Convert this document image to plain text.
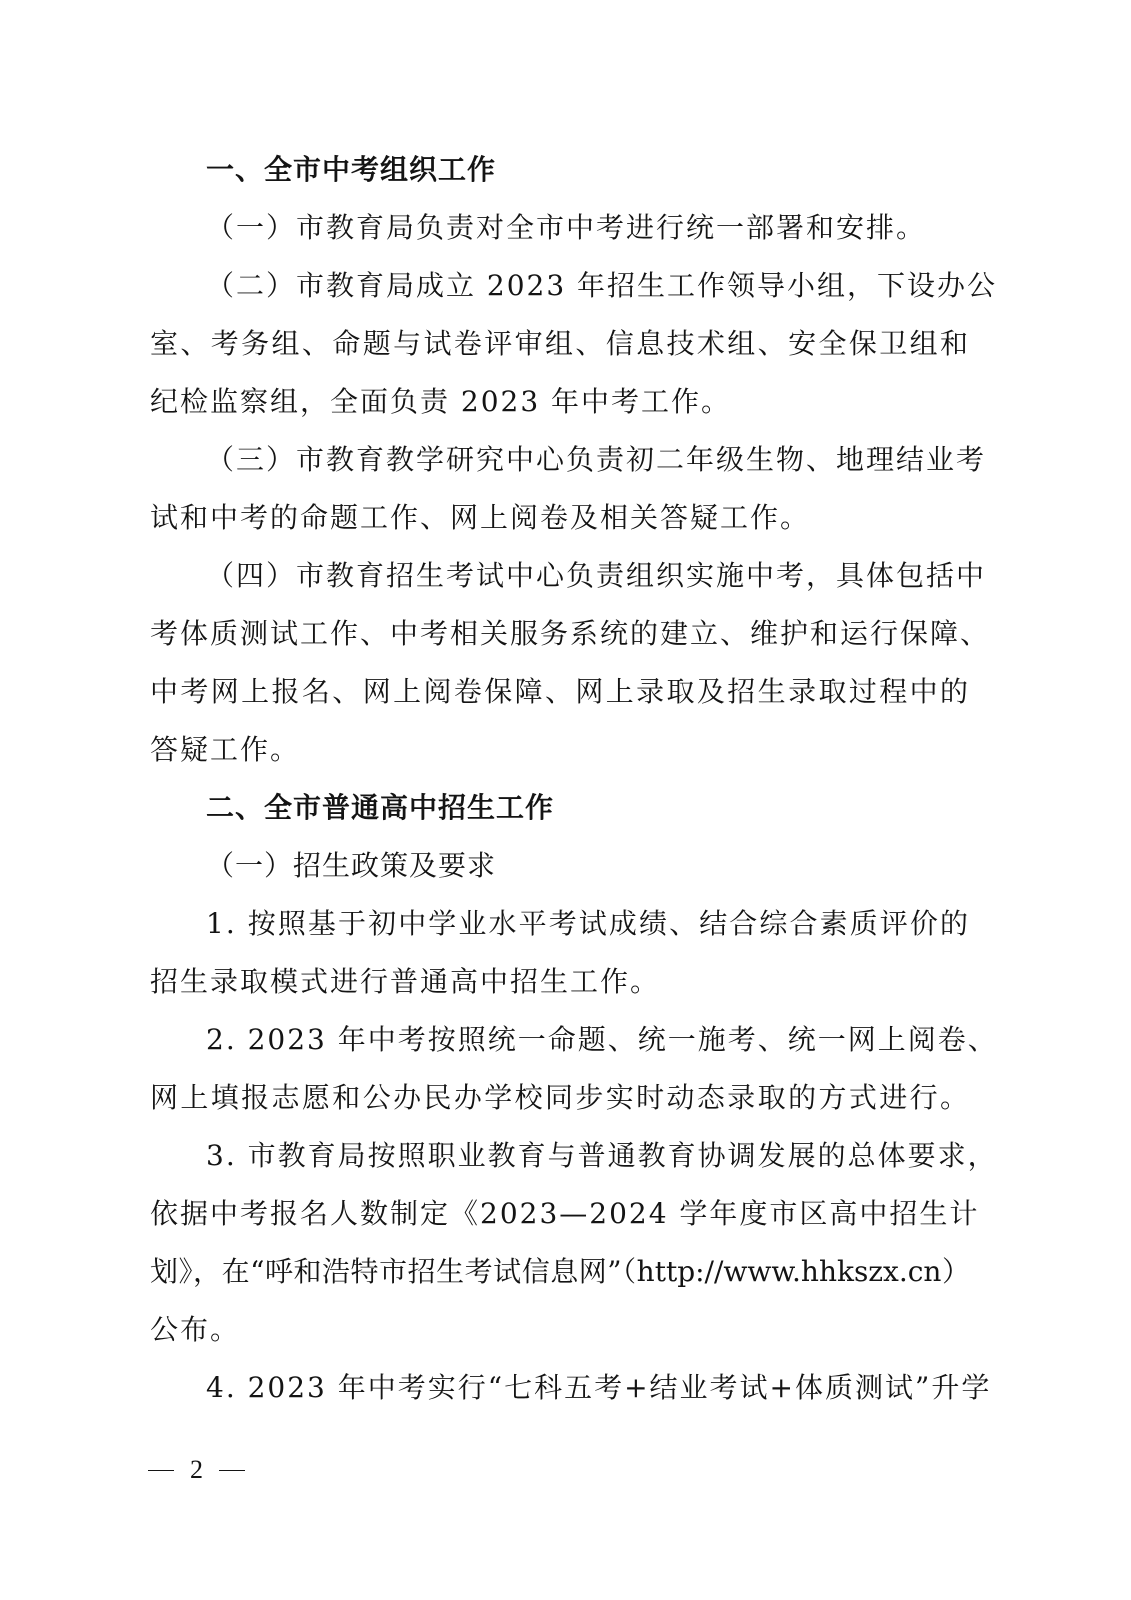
一、全市中考组织工作
（一）市教育局负责对全市中考进行统一部署和安排。
（二）市教育局成立 2023 年招生工作领导小组，下设办公
室、考务组、命题与试卷评审组、信息技术组、安全保卫组和
纪检监察组，全面负责 2023 年中考工作。
（三）市教育教学研究中心负责初二年级生物、地理结业考
试和中考的命题工作、网上阅卷及相关答疑工作。
（四）市教育招生考试中心负责组织实施中考，具体包括中
考体质测试工作、中考相关服务系统的建立、维护和运行保障、
中考网上报名、网上阅卷保障、网上录取及招生录取过程中的
答疑工作。
二、全市普通高中招生工作
（一）招生政策及要求
1. 按照基于初中学业水平考试成绩、结合综合素质评价的
招生录取模式进行普通高中招生工作。
2. 2023 年中考按照统一命题、统一施考、统一网上阅卷、
网上填报志愿和公办民办学校同步实时动态录取的方式进行。
3. 市教育局按照职业教育与普通教育协调发展的总体要求，
依据中考报名人数制定《2023—2024 学年度市区高中招生计
划》，在“呼和浩特市招生考试信息网”（http://www.hhkszx.cn）
公布。
4. 2023 年中考实行“七科五考+结业考试+体质测试”升学
2
